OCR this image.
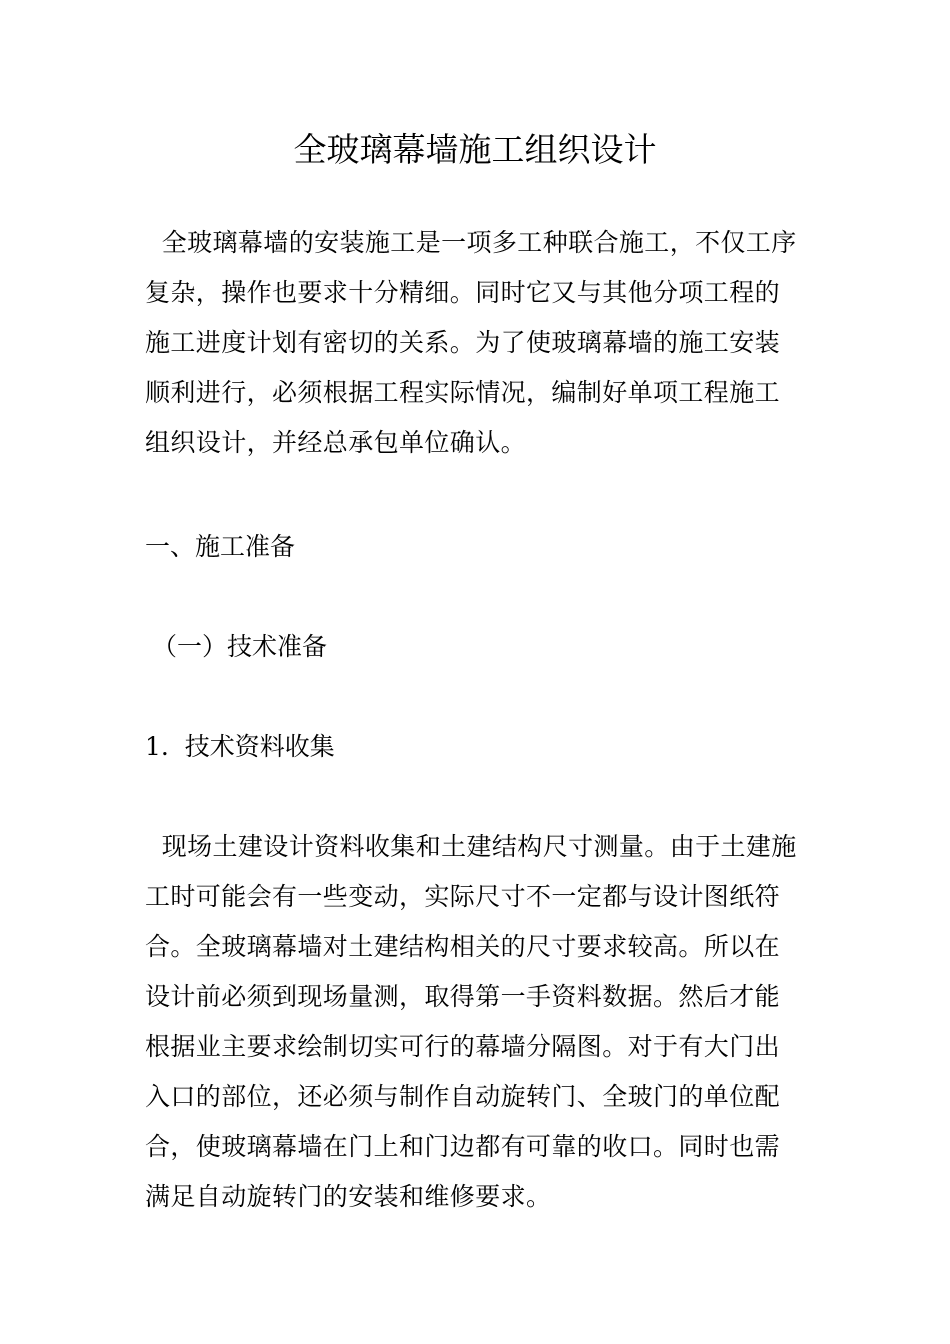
全玻璃幕墙施工组织设计
全玻璃幕墙的安装施工是一项多工种联合施工，不仅工序
复杂，操作也要求十分精细。同时它又与其他分项工程的
施工进度计划有密切的关系。为了使玻璃幕墙的施工安装
顺利进行，必须根据工程实际情况，编制好单项工程施工
组织设计，并经总承包单位确认。
一、施工准备
（一）技术准备
1.  技术资料收集
现场土建设计资料收集和土建结构尺寸测量。由于土建施
工时可能会有一些变动，实际尺寸不一定都与设计图纸符
合。全玻璃幕墙对土建结构相关的尺寸要求较高。所以在
设计前必须到现场量测，取得第一手资料数据。然后才能
根据业主要求绘制切实可行的幕墙分隔图。对于有大门出
入口的部位，还必须与制作自动旋转门、全玻门的单位配
合，使玻璃幕墙在门上和门边都有可靠的收口。同时也需
满足自动旋转门的安装和维修要求。
